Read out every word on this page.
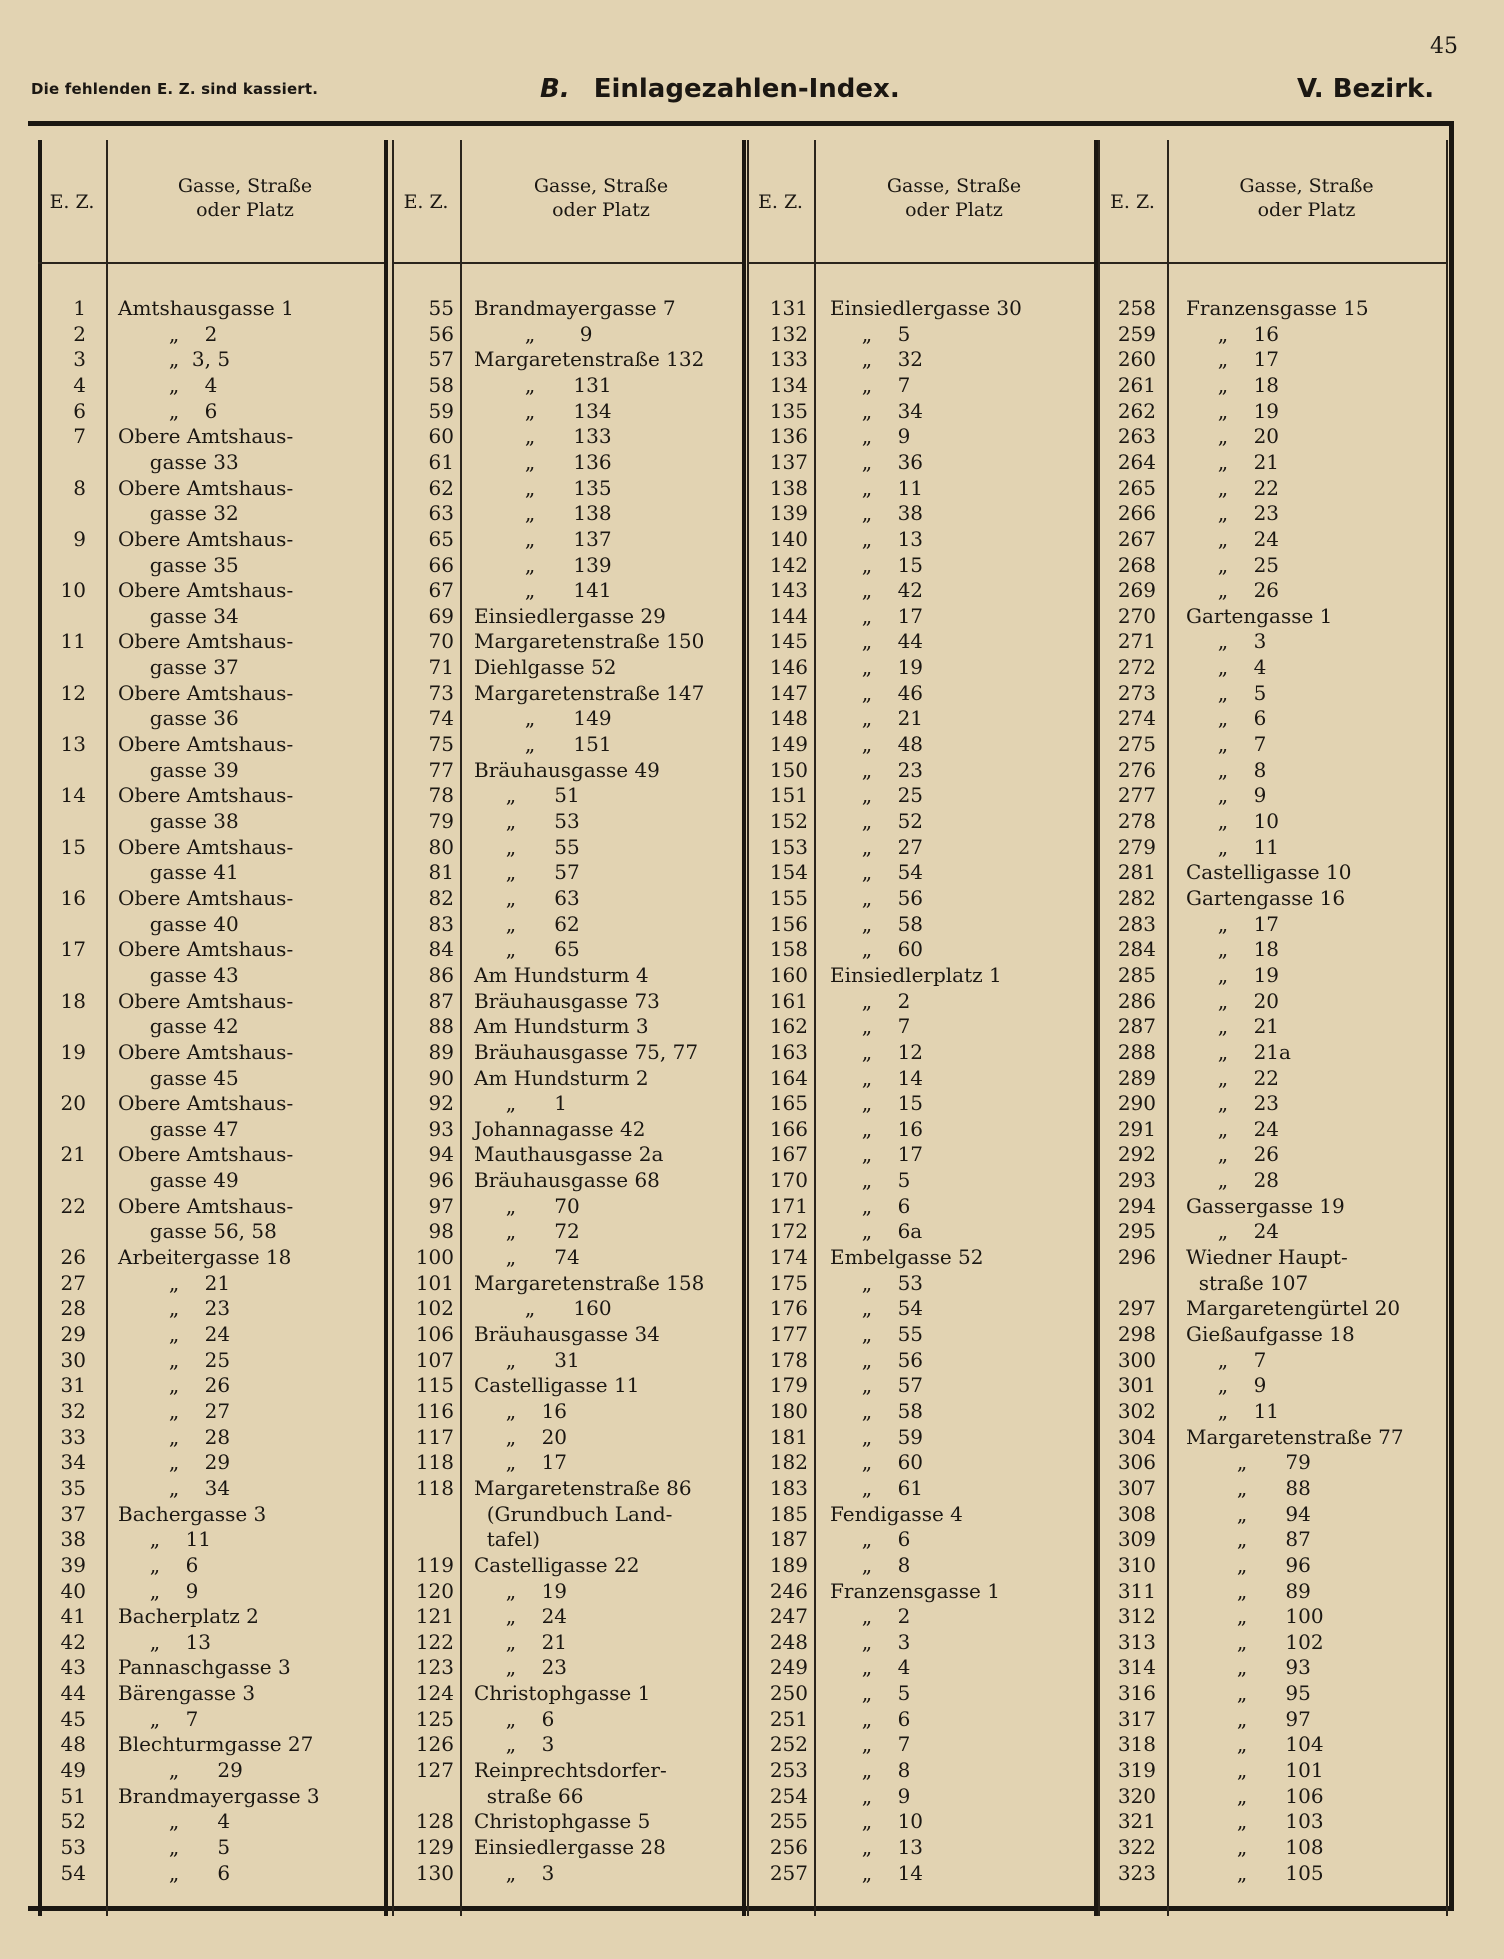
45
Die fehlenden E. Z. sind kassiert.	B. Einlagezahlen-Index.	V. Bezirk.
E. Z.
Gasse, Straße
oder Platz
1 Amtshausgasse 1
2 „    2
3 „  3, 5
4 „    4
6 „    6
7 Obere Amtshaus-
gasse 33
8 Obere Amtshaus-
gasse 32
9 Obere Amtshaus-
gasse 35
10 Obere Amtshaus-
gasse 34
11 Obere Amtshaus-
gasse 37
12 Obere Amtshaus-
gasse 36
13 Obere Amtshaus-
gasse 39
14 Obere Amtshaus-
gasse 38
15 Obere Amtshaus-
gasse 41
16 Obere Amtshaus-
gasse 40
17 Obere Amtshaus-
gasse 43
18 Obere Amtshaus-
gasse 42
19 Obere Amtshaus-
gasse 45
20 Obere Amtshaus-
gasse 47
21 Obere Amtshaus-
gasse 49
22 Obere Amtshaus-
gasse 56, 58
26 Arbeitergasse 18
27 „    21
28 „    23
29 „    24
30 „    25
31 „    26
32 „    27
33 „    28
34 „    29
35 „    34
37 Bachergasse 3
38 „    11
39 „    6
40 „    9
41 Bacherplatz 2
42 „    13
43 Pannaschgasse 3
44 Bärengasse 3
45 „    7
48 Blechturmgasse 27
49 „      29
51 Brandmayergasse 3
52 „      4
53 „      5
54 „      6
E. Z.
Gasse, Straße
oder Platz
55 Brandmayergasse 7
56 „       9
57 Margaretenstraße 132
58 „      131
59 „      134
60 „      133
61 „      136
62 „      135
63 „      138
65 „      137
66 „      139
67 „      141
69 Einsiedlergasse 29
70 Margaretenstraße 150
71 Diehlgasse 52
73 Margaretenstraße 147
74 „      149
75 „      151
77 Bräuhausgasse 49
78 „      51
79 „      53
80 „      55
81 „      57
82 „      63
83 „      62
84 „      65
86 Am Hundsturm 4
87 Bräuhausgasse 73
88 Am Hundsturm 3
89 Bräuhausgasse 75, 77
90 Am Hundsturm 2
92 „      1
93 Johannagasse 42
94 Mauthausgasse 2a
96 Bräuhausgasse 68
97 „      70
98 „      72
100 „      74
101 Margaretenstraße 158
102 „      160
106 Bräuhausgasse 34
107 „      31
115 Castelligasse 11
116 „    16
117 „    20
118 „    17
118 Margaretenstraße 86
(Grundbuch Land-
tafel)
119 Castelligasse 22
120 „    19
121 „    24
122 „    21
123 „    23
124 Christophgasse 1
125 „    6
126 „    3
127 Reinprechtsdorfer-
straße 66
128 Christophgasse 5
129 Einsiedlergasse 28
130 „    3
E. Z.
Gasse, Straße
oder Platz
131 Einsiedlergasse 30
132 „    5
133 „    32
134 „    7
135 „    34
136 „    9
137 „    36
138 „    11
139 „    38
140 „    13
142 „    15
143 „    42
144 „    17
145 „    44
146 „    19
147 „    46
148 „    21
149 „    48
150 „    23
151 „    25
152 „    52
153 „    27
154 „    54
155 „    56
156 „    58
158 „    60
160 Einsiedlerplatz 1
161 „    2
162 „    7
163 „    12
164 „    14
165 „    15
166 „    16
167 „    17
170 „    5
171 „    6
172 „    6a
174 Embelgasse 52
175 „    53
176 „    54
177 „    55
178 „    56
179 „    57
180 „    58
181 „    59
182 „    60
183 „    61
185 Fendigasse 4
187 „    6
189 „    8
246 Franzensgasse 1
247 „    2
248 „    3
249 „    4
250 „    5
251 „    6
252 „    7
253 „    8
254 „    9
255 „    10
256 „    13
257 „    14
E. Z.
Gasse, Straße
oder Platz
258 Franzensgasse 15
259 „    16
260 „    17
261 „    18
262 „    19
263 „    20
264 „    21
265 „    22
266 „    23
267 „    24
268 „    25
269 „    26
270 Gartengasse 1
271 „    3
272 „    4
273 „    5
274 „    6
275 „    7
276 „    8
277 „    9
278 „    10
279 „    11
281 Castelligasse 10
282 Gartengasse 16
283 „    17
284 „    18
285 „    19
286 „    20
287 „    21
288 „    21a
289 „    22
290 „    23
291 „    24
292 „    26
293 „    28
294 Gassergasse 19
295 „    24
296 Wiedner Haupt-
straße 107
297 Margaretengürtel 20
298 Gießaufgasse 18
300 „    7
301 „    9
302 „    11
304 Margaretenstraße 77
306 „      79
307 „      88
308 „      94
309 „      87
310 „      96
311 „      89
312 „      100
313 „      102
314 „      93
316 „      95
317 „      97
318 „      104
319 „      101
320 „      106
321 „      103
322 „      108
323 „      105
